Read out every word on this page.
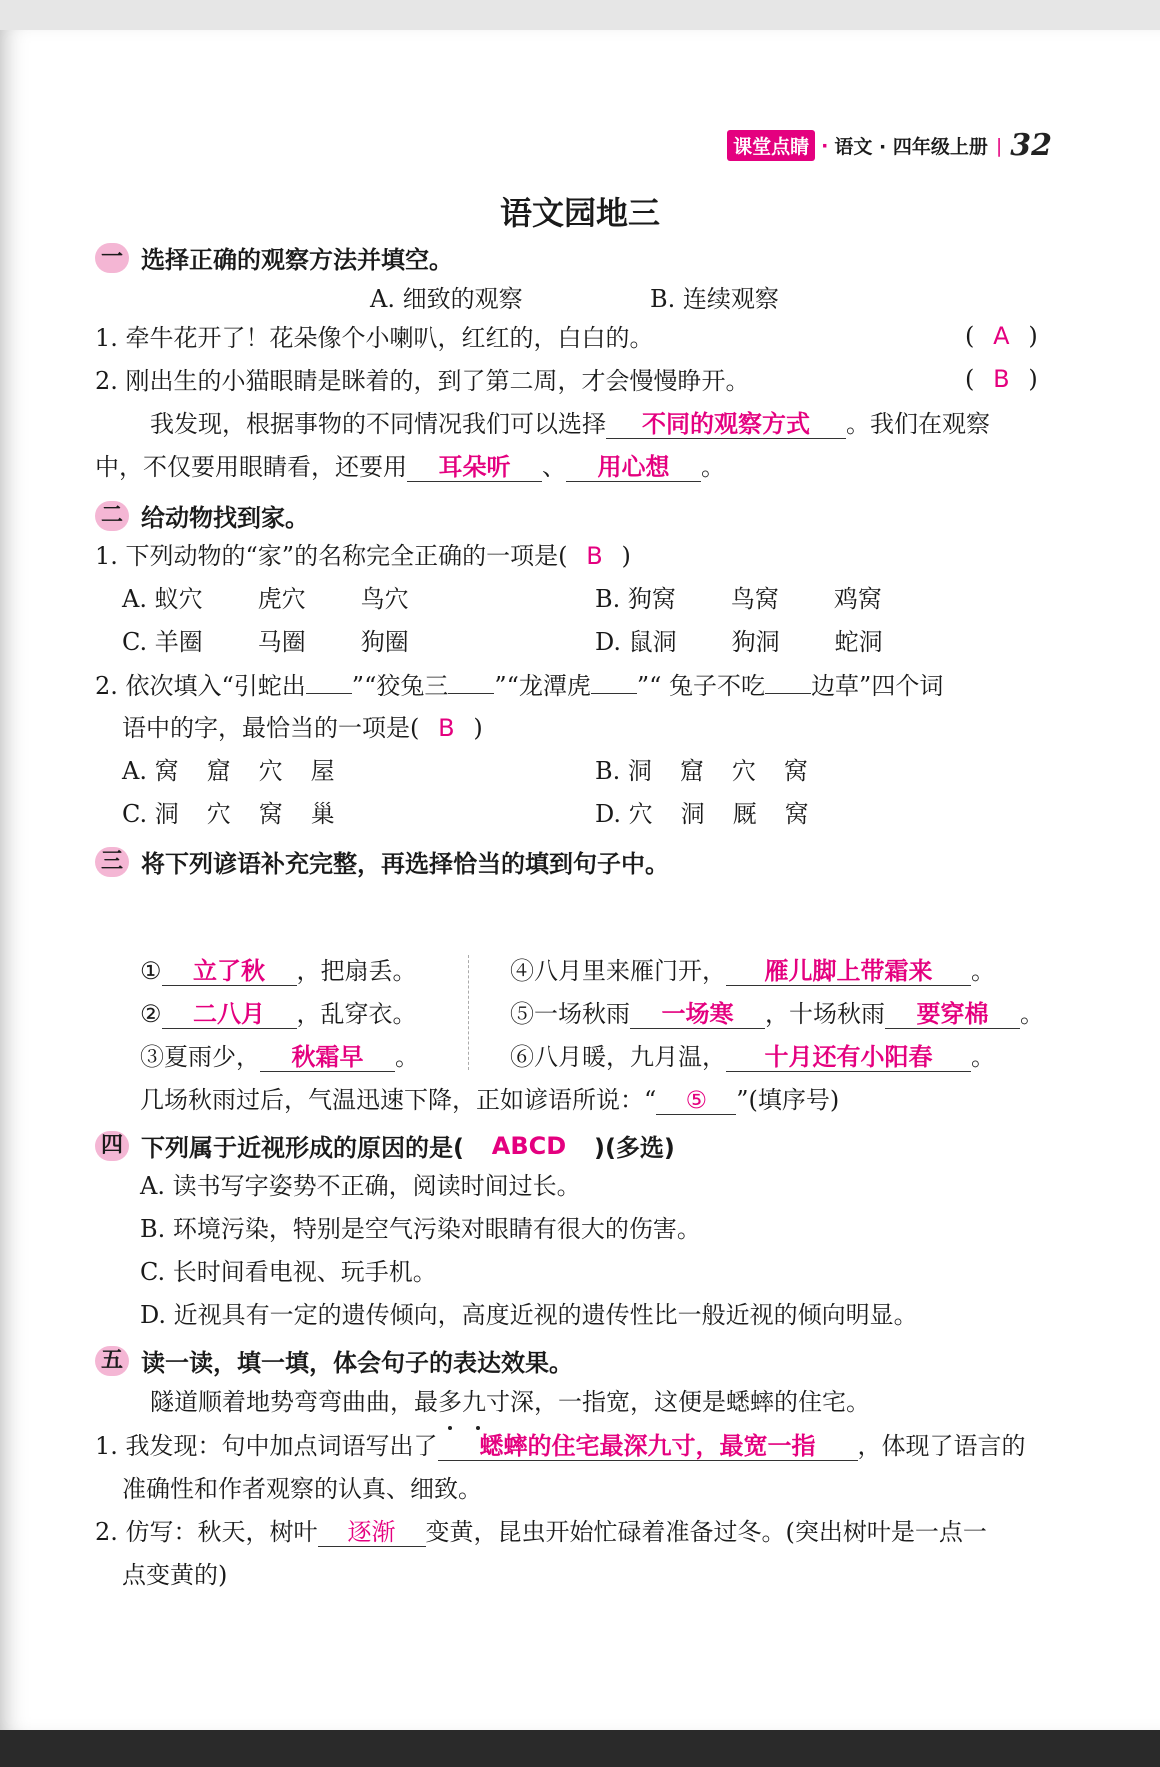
课堂点睛 · 语文 · 四年级上册 | 32
语文园地三
一 选择正确的观察方法并填空。
A. 细致的观察	B. 连续观察
1. 牵牛花开了！花朵像个小喇叭，红红的，白白的。	( A )
2. 刚出生的小猫眼睛是眯着的，到了第二周，才会慢慢睁开。	( B )
我发现，根据事物的不同情况我们可以选择 不同的观察方式 。我们在观察
中，不仅要用眼睛看，还要用 耳朵听 、 用心想 。
二 给动物找到家。
1. 下列动物的“家”的名称完全正确的一项是( B )
A. 蚁穴 虎穴 鸟穴	B. 狗窝 鸟窝 鸡窝
C. 羊圈 马圈 狗圈	D. 鼠洞 狗洞 蛇洞
2. 依次填入“引蛇出 ”“狡兔三 ”“龙潭虎 ”“ 兔子不吃 边草”四个词
语中的字，最恰当的一项是( B )
A. 窝 窟 穴 屋	B. 洞 窟 穴 窝
C. 洞 穴 窝 巢	D. 穴 洞 厩 窝
三 将下列谚语补充完整，再选择恰当的填到句子中。
① 立了秋 ，把扇丢。	④八月里来雁门开， 雁儿脚上带霜来 。
② 二八月 ，乱穿衣。	⑤一场秋雨 一场寒 ，十场秋雨 要穿棉 。
③夏雨少， 秋霜早 。	⑥八月暖，九月温， 十月还有小阳春 。
几场秋雨过后，气温迅速下降，正如谚语所说：“ ⑤ ”(填序号)
四 下列属于近视形成的原因的是(	ABCD	)(多选)
A. 读书写字姿势不正确，阅读时间过长。
B. 环境污染，特别是空气污染对眼睛有很大的伤害。
C. 长时间看电视、玩手机。
D. 近视具有一定的遗传倾向，高度近视的遗传性比一般近视的倾向明显。
五 读一读，填一填，体会句子的表达效果。
隧道顺着地势弯弯曲曲，最多九寸深，一指宽，这便是蟋蟀的住宅。
1. 我发现：句中加点词语写出了 蟋蟀的住宅最深九寸，最宽一指 ，体现了语言的
准确性和作者观察的认真、细致。
2. 仿写：秋天，树叶 逐渐 变黄，昆虫开始忙碌着准备过冬。(突出树叶是一点一
点变黄的)
